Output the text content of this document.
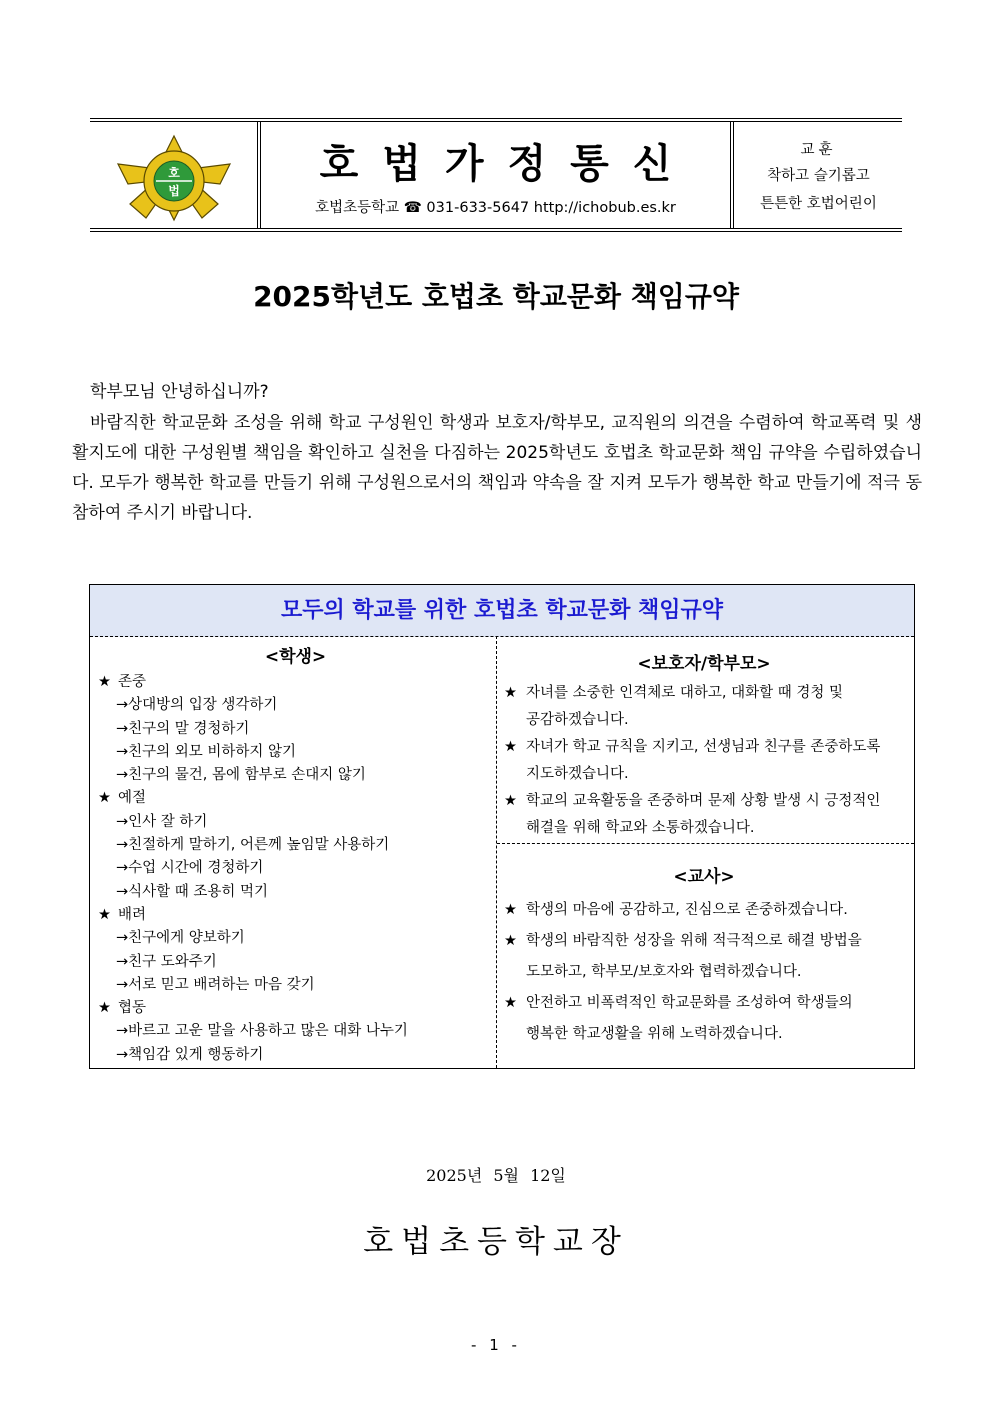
호
법
호법가정통신
호법초등학교 ☎ 031-633-5647 http://ichobub.es.kr
교훈
착하고 슬기롭고
튼튼한 호법어린이
2025학년도 호법초 학교문화 책임규약
학부모님 안녕하십니까?
바람직한 학교문화 조성을 위해 학교 구성원인 학생과 보호자/학부모, 교직원의 의견을 수렴하여 학교폭력 및 생활지도에 대한 구성원별 책임을 확인하고 실천을 다짐하는 2025학년도 호법초 학교문화 책임 규약을 수립하였습니다. 모두가 행복한 학교를 만들기 위해 구성원으로서의 책임과 약속을 잘 지켜 모두가 행복한 학교 만들기에 적극 동참하여 주시기 바랍니다.
모두의 학교를 위한 호법초 학교문화 책임규약
<학생>
★ 존중
→상대방의 입장 생각하기
→친구의 말 경청하기
→친구의 외모 비하하지 않기
→친구의 물건, 몸에 함부로 손대지 않기
★ 예절
→인사 잘 하기
→친절하게 말하기, 어른께 높임말 사용하기
→수업 시간에 경청하기
→식사할 때 조용히 먹기
★ 배려
→친구에게 양보하기
→친구 도와주기
→서로 믿고 배려하는 마음 갖기
★ 협동
→바르고 고운 말을 사용하고 많은 대화 나누기
→책임감 있게 행동하기
<보호자/학부모>
★ 자녀를 소중한 인격체로 대하고, 대화할 때 경청 및
공감하겠습니다.
★ 자녀가 학교 규칙을 지키고, 선생님과 친구를 존중하도록
지도하겠습니다.
★ 학교의 교육활동을 존중하며 문제 상황 발생 시 긍정적인
해결을 위해 학교와 소통하겠습니다.
<교사>
★ 학생의 마음에 공감하고, 진심으로 존중하겠습니다.
★ 학생의 바람직한 성장을 위해 적극적으로 해결 방법을
도모하고, 학부모/보호자와 협력하겠습니다.
★ 안전하고 비폭력적인 학교문화를 조성하여 학생들의
행복한 학교생활을 위해 노력하겠습니다.
2025년 5월 12일
호법초등학교장
- 1 -
